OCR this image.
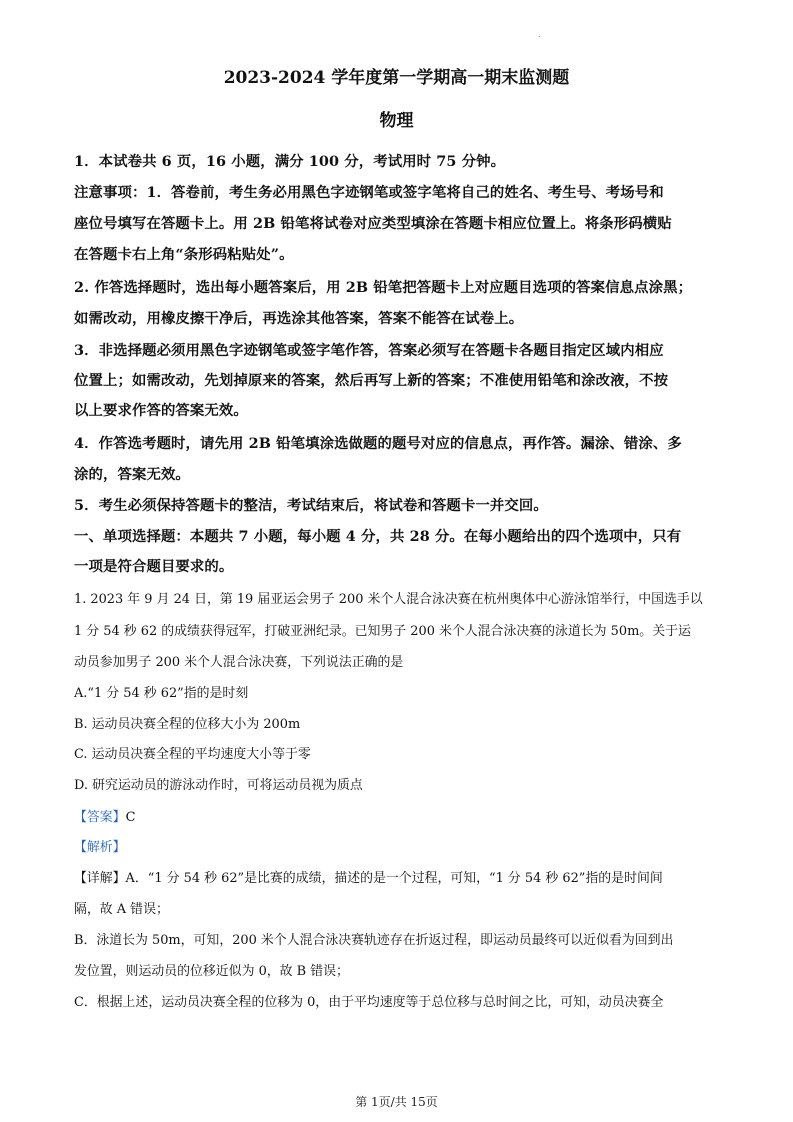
.
2023-2024 学年度第一学期高一期末监测题
物理
1．本试卷共 6 页，16 小题，满分 100 分，考试用时 75 分钟。
注意事项：1．答卷前，考生务必用黑色字迹钢笔或签字笔将自己的姓名、考生号、考场号和
座位号填写在答题卡上。用 2B 铅笔将试卷对应类型填涂在答题卡相应位置上。将条形码横贴
在答题卡右上角“条形码粘贴处”。
2. 作答选择题时，选出每小题答案后，用 2B 铅笔把答题卡上对应题目选项的答案信息点涂黑；
如需改动，用橡皮擦干净后，再选涂其他答案，答案不能答在试卷上。
3．非选择题必须用黑色字迹钢笔或签字笔作答，答案必须写在答题卡各题目指定区域内相应
位置上；如需改动，先划掉原来的答案，然后再写上新的答案；不准使用铅笔和涂改液，不按
以上要求作答的答案无效。
4．作答选考题时，请先用 2B 铅笔填涂选做题的题号对应的信息点，再作答。漏涂、错涂、多
涂的，答案无效。
5．考生必须保持答题卡的整洁，考试结束后，将试卷和答题卡一并交回。
一、单项选择题：本题共 7 小题，每小题 4 分，共 28 分。在每小题给出的四个选项中，只有
一项是符合题目要求的。
1. 2023 年 9 月 24 日，第 19 届亚运会男子 200 米个人混合泳决赛在杭州奥体中心游泳馆举行，中国选手以
1 分 54 秒 62 的成绩获得冠军，打破亚洲纪录。已知男子 200 米个人混合泳决赛的泳道长为 50m。关于运
动员参加男子 200 米个人混合泳决赛，下列说法正确的是
A.“1 分 54 秒 62”指的是时刻
B. 运动员决赛全程的位移大小为 200m
C. 运动员决赛全程的平均速度大小等于零
D. 研究运动员的游泳动作时，可将运动员视为质点
【答案】C
【解析】
【详解】A．“1 分 54 秒 62”是比赛的成绩，描述的是一个过程，可知，“1 分 54 秒 62”指的是时间间
隔，故 A 错误；
B．泳道长为 50m，可知，200 米个人混合泳决赛轨迹存在折返过程，即运动员最终可以近似看为回到出
发位置，则运动员的位移近似为 0，故 B 错误；
C．根据上述，运动员决赛全程的位移为 0，由于平均速度等于总位移与总时间之比，可知，动员决赛全
第 1页/共 15页
